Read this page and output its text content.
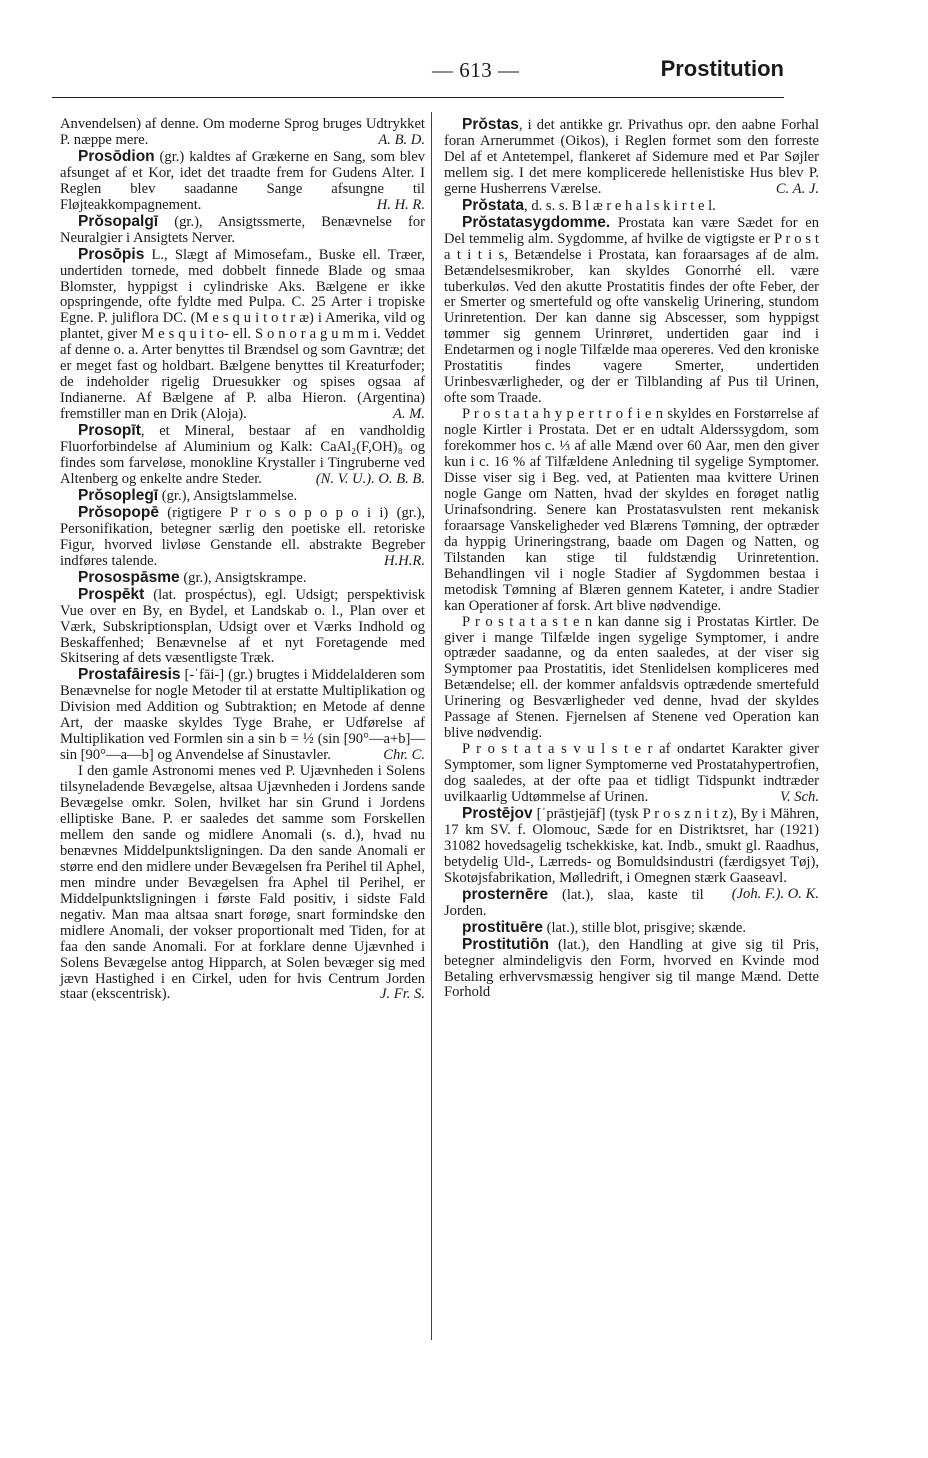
— 613 —	Prostitution

Anvendelsen) af denne. Om moderne Sprog bruges Udtrykket P. næppe mere.	A. B. D.

Prosōdion (gr.) kaldtes af Grækerne en Sang, som blev afsunget af et Kor, idet det traadte frem for Gudens Alter. I Reglen blev saadanne Sange afsungne til Fløjteakkompagnement.	H. H. R.

Prŏsopalgī (gr.), Ansigtssmerte, Benævnelse for Neuralgier i Ansigtets Nerver.

Prosōpis L., Slægt af Mimosefam., Buske ell. Træer, undertiden tornede, med dobbelt finnede Blade og smaa Blomster, hyppigst i cylindriske Aks. Bælgene er ikke opspringende, ofte fyldte med Pulpa. C. 25 Arter i tropiske Egne. P. juliflora DC. (M e s q u i t o t r æ) i Amerika, vild og plantet, giver M e s q u i t o- ell. S o n o r a g u m m i. Veddet af denne o. a. Arter benyttes til Brændsel og som Gavntræ; det er meget fast og holdbart. Bælgene benyttes til Kreaturfoder; de indeholder rigelig Druesukker og spises ogsaa af Indianerne. Af Bælgene af P. alba Hieron. (Argentina) fremstiller man en Drik (Aloja).	A. M.

Prosopīt, et Mineral, bestaar af en vandholdig Fluorforbindelse af Aluminium og Kalk: CaAl₂(F,OH)₈ og findes som farveløse, monokline Krystaller i Tingruberne ved Altenberg og enkelte andre Steder.	(N. V. U.). O. B. B.

Prŏsoplegī (gr.), Ansigtslammelse.

Prŏsopopē (rigtigere P r o s o p o p o i i) (gr.), Personifikation, betegner særlig den poetiske ell. retoriske Figur, hvorved livløse Genstande ell. abstrakte Begreber indføres talende.	H.H.R.

Prosospāsme (gr.), Ansigtskrampe.

Prospēkt (lat. prospéctus), egl. Udsigt; perspektivisk Vue over en By, en Bydel, et Landskab o. l., Plan over et Værk, Subskriptionsplan, Udsigt over et Værks Indhold og Beskaffenhed; Benævnelse af et nyt Foretagende med Skitsering af dets væsentligste Træk.

Prostafāiresis [-ˈfāi-] (gr.) brugtes i Middelalderen som Benævnelse for nogle Metoder til at erstatte Multiplikation og Division med Addition og Subtraktion; en Metode af denne Art, der maaske skyldes Tyge Brahe, er Udførelse af Multiplikation ved Formlen sin a sin b = ½ (sin [90°—a+b]—sin [90°—a—b] og Anvendelse af Sinustavler.	Chr. C.

I den gamle Astronomi menes ved P. Ujævnheden i Solens tilsyneladende Bevægelse, altsaa Ujævnheden i Jordens sande Bevægelse omkr. Solen, hvilket har sin Grund i Jordens elliptiske Bane. P. er saaledes det samme som Forskellen mellem den sande og midlere Anomali (s. d.), hvad nu benævnes Middelpunktsligningen. Da den sande Anomali er større end den midlere under Bevægelsen fra Perihel til Aphel, men mindre under Bevægelsen fra Aphel til Perihel, er Middelpunktsligningen i første Fald positiv, i sidste Fald negativ. Man maa altsaa snart forøge, snart formindske den midlere Anomali, der vokser proportionalt med Tiden, for at faa den sande Anomali. For at forklare denne Ujævnhed i Solens Bevægelse antog Hipparch, at Solen bevæger sig med jævn Hastighed i en Cirkel, uden for hvis Centrum Jorden staar (ekscentrisk).	J. Fr. S.

Prŏstas, i det antikke gr. Privathus opr. den aabne Forhal foran Arnerummet (Oikos), i Reglen formet som den forreste Del af et Antetempel, flankeret af Sidemure med et Par Søjler mellem sig. I det mere komplicerede hellenistiske Hus blev P. gerne Husherrens Værelse.	C. A. J.

Prŏstata, d. s. s. B l æ r e h a l s k i r t e l.

Prŏstatasygdomme. Prostata kan være Sædet for en Del temmelig alm. Sygdomme, af hvilke de vigtigste er P r o s t a t i t i s, Betændelse i Prostata, kan foraarsages af de alm. Betændelsesmikrober, kan skyldes Gonorrhé ell. være tuberkuløs. Ved den akutte Prostatitis findes der ofte Feber, der er Smerter og smertefuld og ofte vanskelig Urinering, stundom Urinretention. Der kan danne sig Abscesser, som hyppigst tømmer sig gennem Urinrøret, undertiden gaar ind i Endetarmen og i nogle Tilfælde maa opereres. Ved den kroniske Prostatitis findes vagere Smerter, undertiden Urinbesværligheder, og der er Tilblanding af Pus til Urinen, ofte som Traade.

P r o s t a t a h y p e r t r o f i e n skyldes en Forstørrelse af nogle Kirtler i Prostata. Det er en udtalt Alderssygdom, som forekommer hos c. ⅓ af alle Mænd over 60 Aar, men den giver kun i c. 16 % af Tilfældene Anledning til sygelige Symptomer. Disse viser sig i Beg. ved, at Patienten maa kvittere Urinen nogle Gange om Natten, hvad der skyldes en forøget natlig Urinafsondring. Senere kan Prostatasvulsten rent mekanisk foraarsage Vanskeligheder ved Blærens Tømning, der optræder da hyppig Urineringstrang, baade om Dagen og Natten, og Tilstanden kan stige til fuldstændig Urinretention. Behandlingen vil i nogle Stadier af Sygdommen bestaa i metodisk Tømning af Blæren gennem Kateter, i andre Stadier kan Operationer af forsk. Art blive nødvendige.

P r o s t a t a s t e n kan danne sig i Prostatas Kirtler. De giver i mange Tilfælde ingen sygelige Symptomer, i andre optræder saadanne, og da enten saaledes, at der viser sig Symptomer paa Prostatitis, idet Stenlidelsen kompliceres med Betændelse; ell. der kommer anfaldsvis optrædende smertefuld Urinering og Besværligheder ved denne, hvad der skyldes Passage af Stenen. Fjernelsen af Stenene ved Operation kan blive nødvendig.

P r o s t a t a s v u l s t e r af ondartet Karakter giver Symptomer, som ligner Symptomerne ved Prostatahypertrofien, dog saaledes, at der ofte paa et tidligt Tidspunkt indtræder uvilkaarlig Udtømmelse af Urinen.	V. Sch.

Prostējov [ˈprāstjejāf] (tysk P r o s z n i t z), By i Mähren, 17 km SV. f. Olomouc, Sæde for en Distriktsret, har (1921) 31082 hovedsagelig tschekkiske, kat. Indb., smukt gl. Raadhus, betydelig Uld-, Lærreds- og Bomuldsindustri (færdigsyet Tøj), Skotøjsfabrikation, Mølledrift, i Omegnen stærk Gaaseavl.
(Joh. F.). O. K.

prosternēre (lat.), slaa, kaste til Jorden.

prostituēre (lat.), stille blot, prisgive; skænde.

Prostitutiōn (lat.), den Handling at give sig til Pris, betegner almindeligvis den Form, hvorved en Kvinde mod Betaling erhvervsmæssig hengiver sig til mange Mænd. Dette Forhold
